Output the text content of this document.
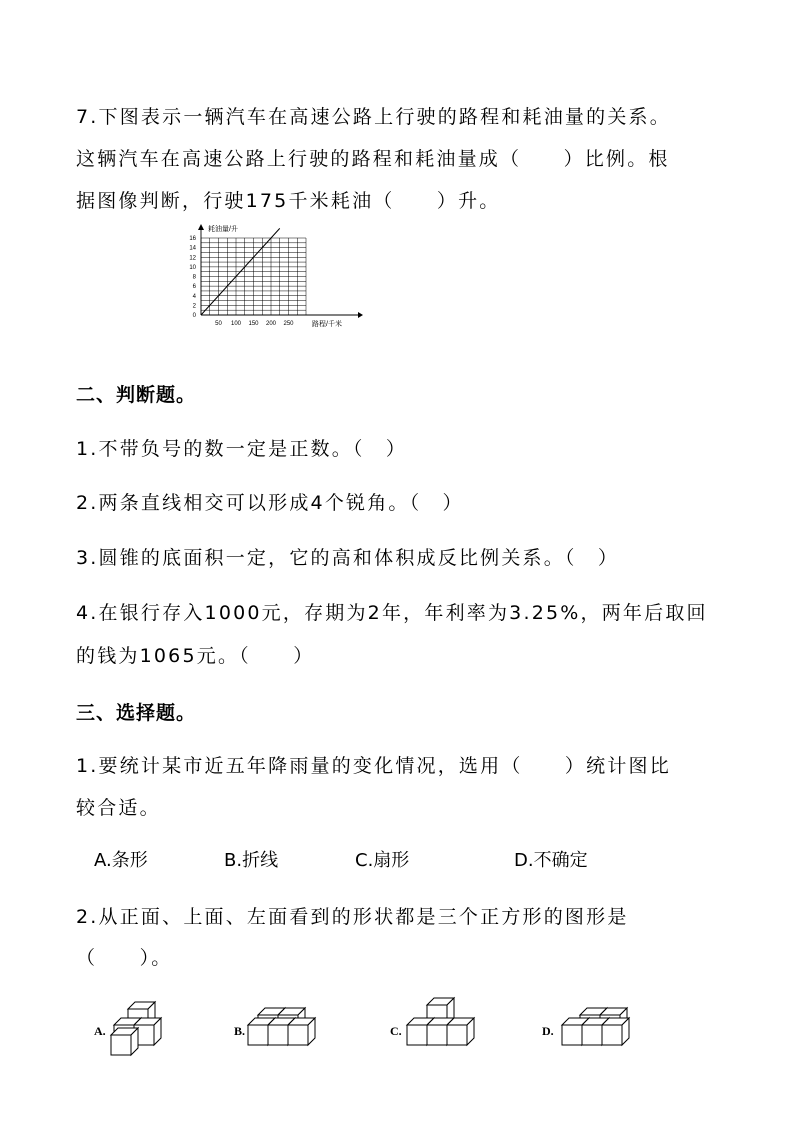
7.下图表示一辆汽车在高速公路上行驶的路程和耗油量的关系。
这辆汽车在高速公路上行驶的路程和耗油量成（　　）比例。根
据图像判断，行驶175千米耗油（　　）升。
0
2
4
6
8
10
12
14
16
50 100 150 200 250
耗油量/升
路程/千米
二、判断题。
1.不带负号的数一定是正数。（　）
2.两条直线相交可以形成4个锐角。（　）
3.圆锥的底面积一定，它的高和体积成反比例关系。（　）
4.在银行存入1000元，存期为2年，年利率为3.25%，两年后取回
的钱为1065元。（　　）
三、选择题。
1.要统计某市近五年降雨量的变化情况，选用（　　）统计图比
较合适。
A.条形	B.折线	C.扇形	D.不确定
2.从正面、上面、左面看到的形状都是三个正方形的图形是
（　　）。
A.	B.	C.	D.
